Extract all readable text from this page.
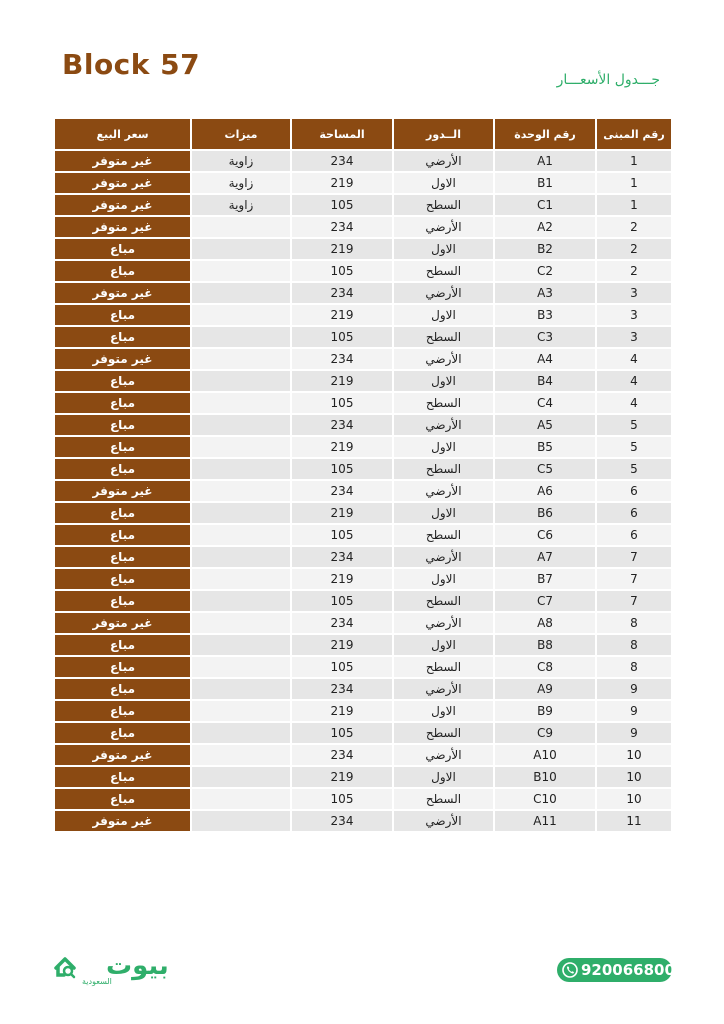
Block 57	جـــدول الأسعـــار
رقم المبنى	رقم الوحدة	الــدور	المساحة	ميزات	سعر البيع
1	A1	الأرضي	234	زاوية	غير متوفر
1	B1	الاول	219	زاوية	غير متوفر
1	C1	السطح	105	زاوية	غير متوفر
2	A2	الأرضي	234		غير متوفر
2	B2	الاول	219		مباع
2	C2	السطح	105		مباع
3	A3	الأرضي	234		غير متوفر
3	B3	الاول	219		مباع
3	C3	السطح	105		مباع
4	A4	الأرضي	234		غير متوفر
4	B4	الاول	219		مباع
4	C4	السطح	105		مباع
5	A5	الأرضي	234		مباع
5	B5	الاول	219		مباع
5	C5	السطح	105		مباع
6	A6	الأرضي	234		غير متوفر
6	B6	الاول	219		مباع
6	C6	السطح	105		مباع
7	A7	الأرضي	234		مباع
7	B7	الاول	219		مباع
7	C7	السطح	105		مباع
8	A8	الأرضي	234		غير متوفر
8	B8	الاول	219		مباع
8	C8	السطح	105		مباع
9	A9	الأرضي	234		مباع
9	B9	الاول	219		مباع
9	C9	السطح	105		مباع
10	A10	الأرضي	234		غير متوفر
10	B10	الاول	219		مباع
10	C10	السطح	105		مباع
11	A11	الأرضي	234		غير متوفر
بيوت
السعودية
920066800
